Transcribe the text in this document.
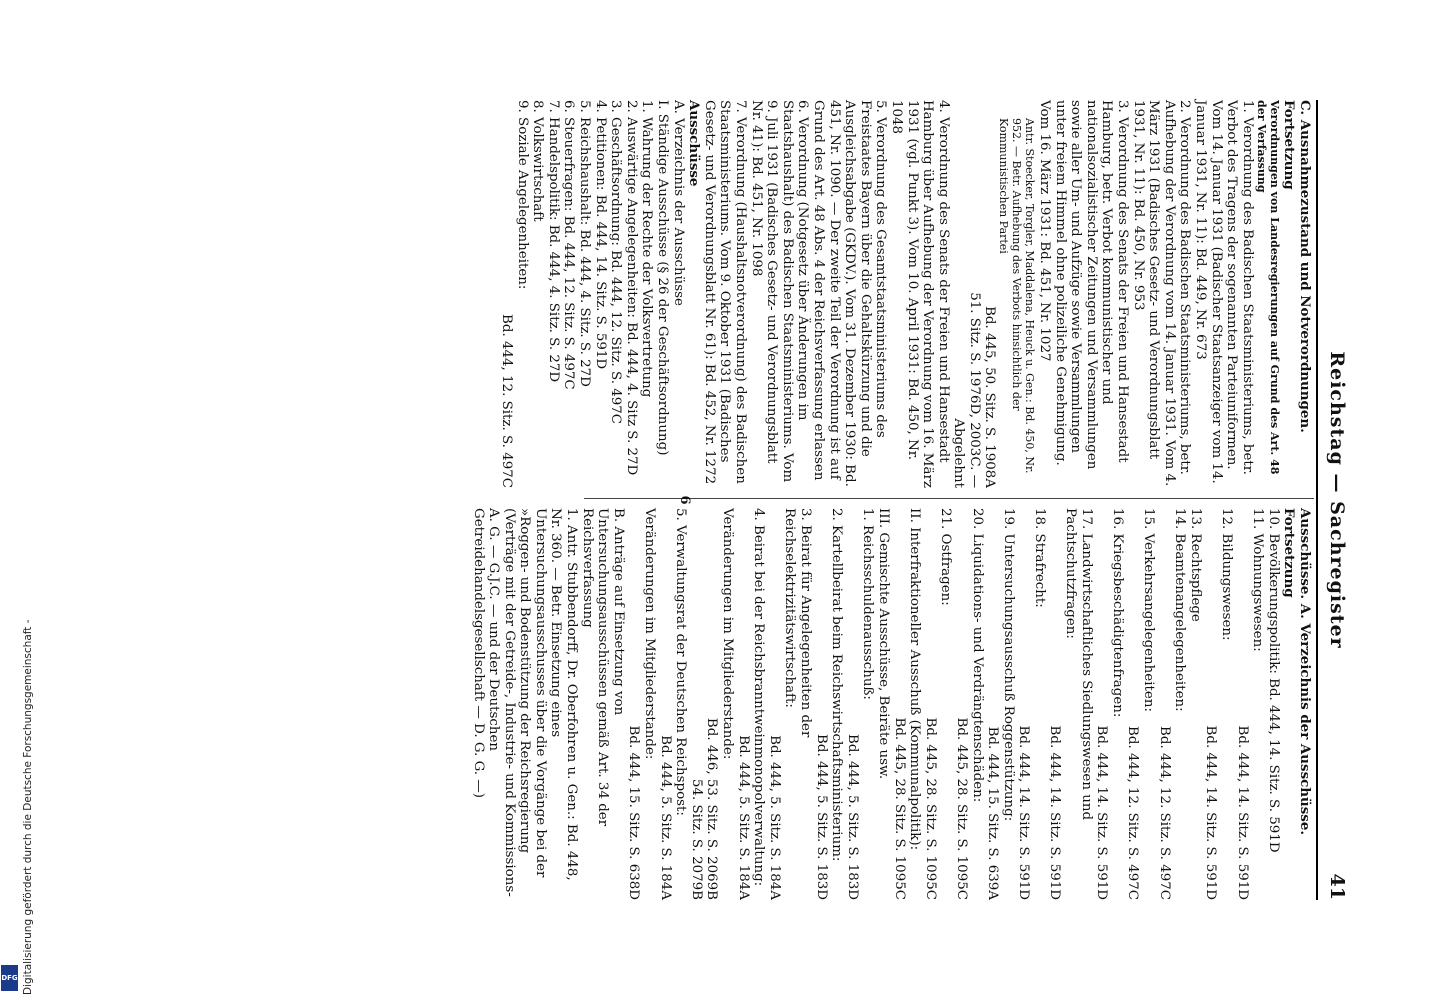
Reichstag — Sachregister
41

C. Ausnahmezustand und Notverordnungen. Fortsetzung

Verordnungen von Landesregierungen auf Grund des Art. 48 der Verfassung

1. Verordnung des Badischen Staatsministeriums, betr. Verbot des Tragens der sogenannten Parteiuniformen. Vom 14. Januar 1931 (Badischer Staatsanzeiger vom 14. Januar 1931, Nr. 11): Bd. 449, Nr. 673

2. Verordnung des Badischen Staatsministeriums, betr. Aufhebung der Verordnung vom 14. Januar 1931. Vom 4. März 1931 (Badisches Gesetz- und Verordnungsblatt 1931, Nr. 11): Bd. 450, Nr. 953

3. Verordnung des Senats der Freien und Hansestadt Hamburg, betr. Verbot kommunistischer und nationalsozialistischer Zeitungen und Versammlungen sowie aller Um- und Aufzüge sowie Versammlungen unter freiem Himmel ohne polizeiliche Genehmigung. Vom 16. März 1931: Bd. 451, Nr. 1027

Antr. Stoecker, Torgler, Maddalena, Heuck u. Gen.: Bd. 450, Nr. 952. — Betr. Aufhebung des Verbots hinsichtlich der Kommunistischen Partei

Bd. 445, 50. Sitz. S. 1908A

51. Sitz. S. 1976D, 2003C. —

Abgelehnt

4. Verordnung des Senats der Freien und Hansestadt Hamburg über Aufhebung der Verordnung vom 16. März 1931 (vgl. Punkt 3). Vom 10. April 1931: Bd. 450, Nr. 1048

5. Verordnung des Gesamtstaatsministeriums des Freistaates Bayern über die Gehaltskürzung und die Ausgleichsabgabe (GKDV.). Vom 31. Dezember 1930: Bd. 451, Nr. 1090. — Der zweite Teil der Verordnung ist auf Grund des Art. 48 Abs. 4 der Reichsverfassung erlassen

6. Verordnung (Notgesetz über Änderungen im Staatshaushalt) des Badischen Staatsministeriums. Vom 9. Juli 1931 (Badisches Gesetz- und Verordnungsblatt Nr. 41): Bd. 451, Nr. 1098

7. Verordnung (Haushaltsnotverordnung) des Badischen Staatsministeriums. Vom 9. Oktober 1931 (Badisches Gesetz- und Verordnungsblatt Nr. 61): Bd. 452, Nr. 1272

Ausschüsse

A. Verzeichnis der Ausschüsse

I. Ständige Ausschüsse (§ 26 der Geschäftsordnung)

1. Wahrung der Rechte der Volksvertretung

2. Auswärtige Angelegenheiten: Bd. 444, 4. Sitz S. 27D

3. Geschäftsordnung: Bd. 444, 12. Sitz. S. 497C

4. Petitionen: Bd. 444, 14. Sitz. S. 591D

5. Reichshaushalt: Bd. 444, 4. Sitz. S. 27D

6. Steuerfragen: Bd. 444, 12. Sitz. S. 497C

7. Handelspolitik: Bd. 444, 4. Sitz. S. 27D

8. Volkswirtschaft

9. Soziale Angelegenheiten:

Bd. 444, 12. Sitz. S. 497C

Ausschüsse. A. Verzeichnis der Ausschüsse. Fortsetzung

10. Bevölkerungspolitik: Bd. 444, 14. Sitz. S. 591D

11. Wohnungswesen:

Bd. 444, 14. Sitz. S. 591D

12. Bildungswesen:

Bd. 444, 14. Sitz. S. 591D

13. Rechtspflege

14. Beamtenangelegenheiten:

Bd. 444, 12. Sitz. S. 497C

15. Verkehrsangelegenheiten:

Bd. 444, 12. Sitz. S. 497C

16. Kriegsbeschädigtenfragen:

Bd. 444, 14. Sitz. S. 591D

17. Landwirtschaftliches Siedlungswesen und Pachtschutzfragen:

Bd. 444, 14. Sitz. S. 591D

18. Strafrecht:

Bd. 444, 14. Sitz. S. 591D

19. Untersuchungsausschuß Roggenstützung:

Bd. 444, 15. Sitz. S. 639A

20. Liquidations- und Verdrängtenschäden:

Bd. 445, 28. Sitz. S. 1095C

21. Ostfragen:

Bd. 445, 28. Sitz. S. 1095C

II. Interfraktioneller Ausschuß (Kommunalpolitik):

Bd. 445, 28. Sitz. S. 1095C

III. Gemischte Ausschüsse, Beiräte usw.

1. Reichsschuldenausschuß:

Bd. 444, 5. Sitz. S. 183D

2. Kartellbeirat beim Reichswirtschaftsministerium:

Bd. 444, 5. Sitz. S. 183D

3. Beirat für Angelegenheiten der Reichselektrizitätswirtschaft:

Bd. 444, 5. Sitz. S. 184A

4. Beirat bei der Reichsbranntweinmonopolverwaltung:

Bd. 444, 5. Sitz. S. 184A

Veränderungen im Mitgliederstande:

Bd. 446, 53. Sitz. S. 2069B

54. Sitz. S. 2079B

5. Verwaltungsrat der Deutschen Reichspost:

Bd. 444, 5. Sitz. S. 184A

Veränderungen im Mitgliederstande:

Bd. 444, 15. Sitz. S. 638D

B. Anträge auf Einsetzung von Untersuchungsausschüssen gemäß Art. 34 der Reichsverfassung

1. Antr. Stubbendorff, Dr. Oberfohren u. Gen.: Bd. 448, Nr. 360. — Betr. Einsetzung eines Untersuchungsausschusses über die Vorgänge bei der »Roggen- und Bodenstützung der Reichsregierung (Verträge mit der Getreide-, Industrie- und Kommissions-A. G. — G.J.C. — und der Deutschen Getreidehandelsgesellschaft — D. G. G. —)

6
Digitalisierung gefördert durch die Deutsche Forschungsgemeinschaft -
DFG
